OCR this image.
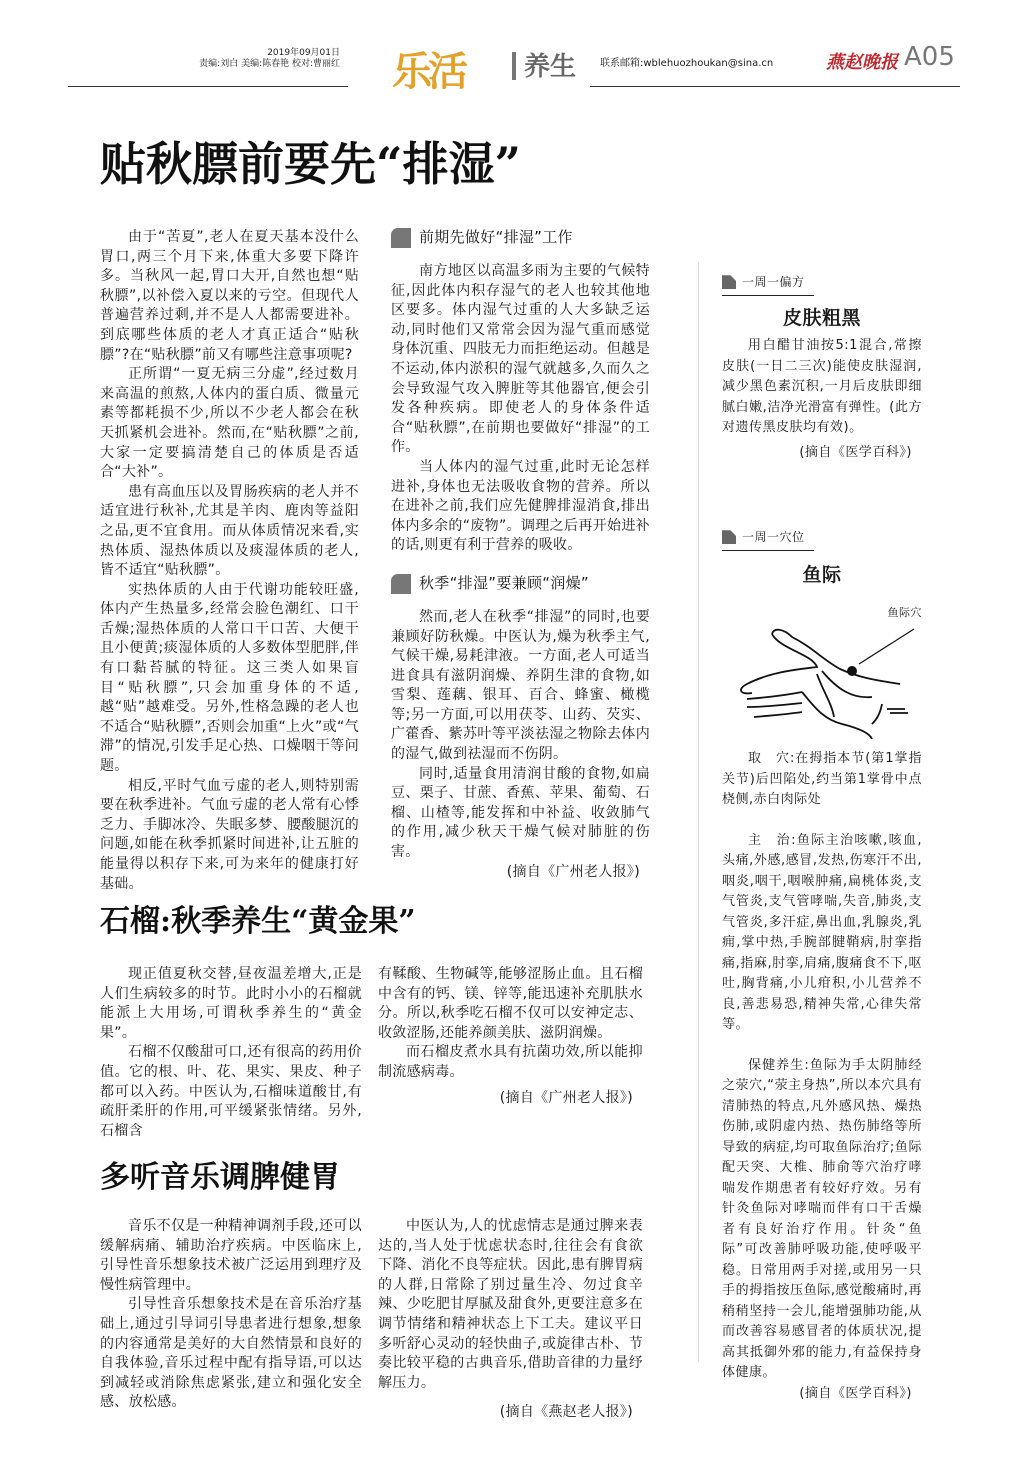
2019年09月01日
责编:刘白 美编:陈春艳 校对:曹丽红 乐活 养生 联系邮箱:wblehuozhoukan@sina.cn	燕赵晚报 A05
贴秋膘前要先“排湿”

由于“苦夏”,老人在夏天基本没什么胃口,两三个月下来,体重大多要下降许多。当秋风一起,胃口大开,自然也想“贴秋膘”,以补偿入夏以来的亏空。但现代人普遍营养过剩,并不是人人都需要进补。到底哪些体质的老人才真正适合“贴秋膘”?在“贴秋膘”前又有哪些注意事项呢?

正所谓“一夏无病三分虚”,经过数月来高温的煎熬,人体内的蛋白质、微量元素等都耗损不少,所以不少老人都会在秋天抓紧机会进补。然而,在“贴秋膘”之前,大家一定要搞清楚自己的体质是否适合“大补”。

患有高血压以及胃肠疾病的老人并不适宜进行秋补,尤其是羊肉、鹿肉等益阳之品,更不宜食用。而从体质情况来看,实热体质、湿热体质以及痰湿体质的老人,皆不适宜“贴秋膘”。

实热体质的人由于代谢功能较旺盛,体内产生热量多,经常会脸色潮红、口干舌燥;湿热体质的人常口干口苦、大便干且小便黄;痰湿体质的人多数体型肥胖,伴有口黏苔腻的特征。这三类人如果盲目“贴秋膘”,只会加重身体的不适,越“贴”越难受。另外,性格急躁的老人也不适合“贴秋膘”,否则会加重“上火”或“气滞”的情况,引发手足心热、口燥咽干等问题。

相反,平时气血亏虚的老人,则特别需要在秋季进补。气血亏虚的老人常有心悸乏力、手脚冰冷、失眠多梦、腰酸腿沉的问题,如能在秋季抓紧时间进补,让五脏的能量得以积存下来,可为来年的健康打好基础。

前期先做好“排湿”工作

南方地区以高温多雨为主要的气候特征,因此体内积存湿气的老人也较其他地区要多。体内湿气过重的人大多缺乏运动,同时他们又常常会因为湿气重而感觉身体沉重、四肢无力而拒绝运动。但越是不运动,体内淤积的湿气就越多,久而久之会导致湿气攻入脾脏等其他器官,便会引发各种疾病。即使老人的身体条件适合“贴秋膘”,在前期也要做好“排湿”的工作。

当人体内的湿气过重,此时无论怎样进补,身体也无法吸收食物的营养。所以在进补之前,我们应先健脾排湿消食,排出体内多余的“废物”。调理之后再开始进补的话,则更有利于营养的吸收。

秋季“排湿”要兼顾“润燥”

然而,老人在秋季“排湿”的同时,也要兼顾好防秋燥。中医认为,燥为秋季主气,气候干燥,易耗津液。一方面,老人可适当进食具有滋阴润燥、养阴生津的食物,如雪梨、莲藕、银耳、百合、蜂蜜、橄榄等;另一方面,可以用茯苓、山药、芡实、广藿香、紫苏叶等平淡祛湿之物除去体内的湿气,做到祛湿而不伤阴。

同时,适量食用清润甘酸的食物,如扁豆、栗子、甘蔗、香蕉、苹果、葡萄、石榴、山楂等,能发挥和中补益、收敛肺气的作用,减少秋天干燥气候对肺脏的伤害。

(摘自《广州老人报》)
石榴:秋季养生“黄金果”

现正值夏秋交替,昼夜温差增大,正是人们生病较多的时节。此时小小的石榴就能派上大用场,可谓秋季养生的“黄金果”。

石榴不仅酸甜可口,还有很高的药用价值。它的根、叶、花、果实、果皮、种子都可以入药。中医认为,石榴味道酸甘,有疏肝柔肝的作用,可平缓紧张情绪。另外,石榴含

有鞣酸、生物碱等,能够涩肠止血。且石榴中含有的钙、镁、锌等,能迅速补充肌肤水分。所以,秋季吃石榴不仅可以安神定志、收敛涩肠,还能养颜美肤、滋阴润燥。

而石榴皮煮水具有抗菌功效,所以能抑制流感病毒。

(摘自《广州老人报》)
多听音乐调脾健胃

音乐不仅是一种精神调剂手段,还可以缓解病痛、辅助治疗疾病。中医临床上,引导性音乐想象技术被广泛运用到理疗及慢性病管理中。

引导性音乐想象技术是在音乐治疗基础上,通过引导词引导患者进行想象,想象的内容通常是美好的大自然情景和良好的自我体验,音乐过程中配有指导语,可以达到减轻或消除焦虑紧张,建立和强化安全感、放松感。

中医认为,人的忧虑情志是通过脾来表达的,当人处于忧虑状态时,往往会有食欲下降、消化不良等症状。因此,患有脾胃病的人群,日常除了别过量生冷、勿过食辛辣、少吃肥甘厚腻及甜食外,更要注意多在调节情绪和精神状态上下工夫。建议平日多听舒心灵动的轻快曲子,或旋律古朴、节奏比较平稳的古典音乐,借助音律的力量纾解压力。

(摘自《燕赵老人报》)
一周一偏方
皮肤粗黑

用白醋甘油按5:1混合,常擦皮肤(一日二三次)能使皮肤湿润,减少黑色素沉积,一月后皮肤即细腻白嫩,洁净光滑富有弹性。(此方对遗传黑皮肤均有效)。

(摘自《医学百科》)
一周一穴位
鱼际
鱼际穴

取　穴:在拇指本节(第1掌指关节)后凹陷处,约当第1掌骨中点桡侧,赤白肉际处

主　治:鱼际主治咳嗽,咳血,头痛,外感,感冒,发热,伤寒汗不出,咽炎,咽干,咽喉肿痛,扁桃体炎,支气管炎,支气管哮喘,失音,肺炎,支气管炎,多汗症,鼻出血,乳腺炎,乳痈,掌中热,手腕部腱鞘病,肘挛指痛,指麻,肘挛,肩痛,腹痛食不下,呕吐,胸背痛,小儿疳积,小儿营养不良,善悲易恐,精神失常,心律失常等。

保健养生:鱼际为手太阴肺经之荥穴,“荥主身热”,所以本穴具有清肺热的特点,凡外感风热、燥热伤肺,或阴虚内热、热伤肺络等所导致的病症,均可取鱼际治疗;鱼际配天突、大椎、肺俞等穴治疗哮喘发作期患者有较好疗效。另有针灸鱼际对哮喘而伴有口干舌燥者有良好治疗作用。针灸“鱼际”可改善肺呼吸功能,使呼吸平稳。日常用两手对搓,或用另一只手的拇指按压鱼际,感觉酸痛时,再稍稍坚持一会儿,能增强肺功能,从而改善容易感冒者的体质状况,提高其抵御外邪的能力,有益保持身体健康。

(摘自《医学百科》)
